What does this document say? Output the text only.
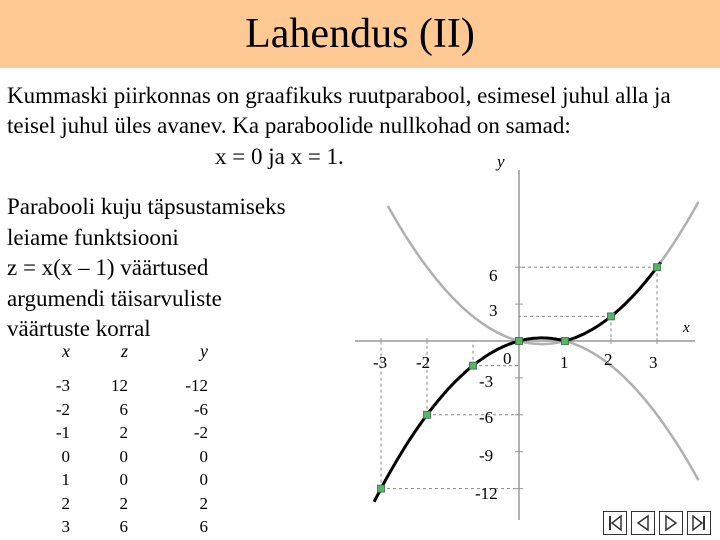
Lahendus (II)
Kummaski piirkonnas on graafikuks ruutparabool, esimesel juhul alla ja
teisel juhul üles avanev. Ka paraboolide nullkohad on samad:
x = 0 ja x = 1.
Parabooli kuju täpsustamiseks
leiame funktsiooni
z = x(x – 1) väärtused
argumendi täisarvuliste
väärtuste korral
x
-3
-2
-1
0
1
2
3
z
12
6
2
0
0
2
6
y
-12
-6
-2
0
0
2
6
-3 -2	0	1 2 3
6
3
-3
-6
-9
-12
y
x
